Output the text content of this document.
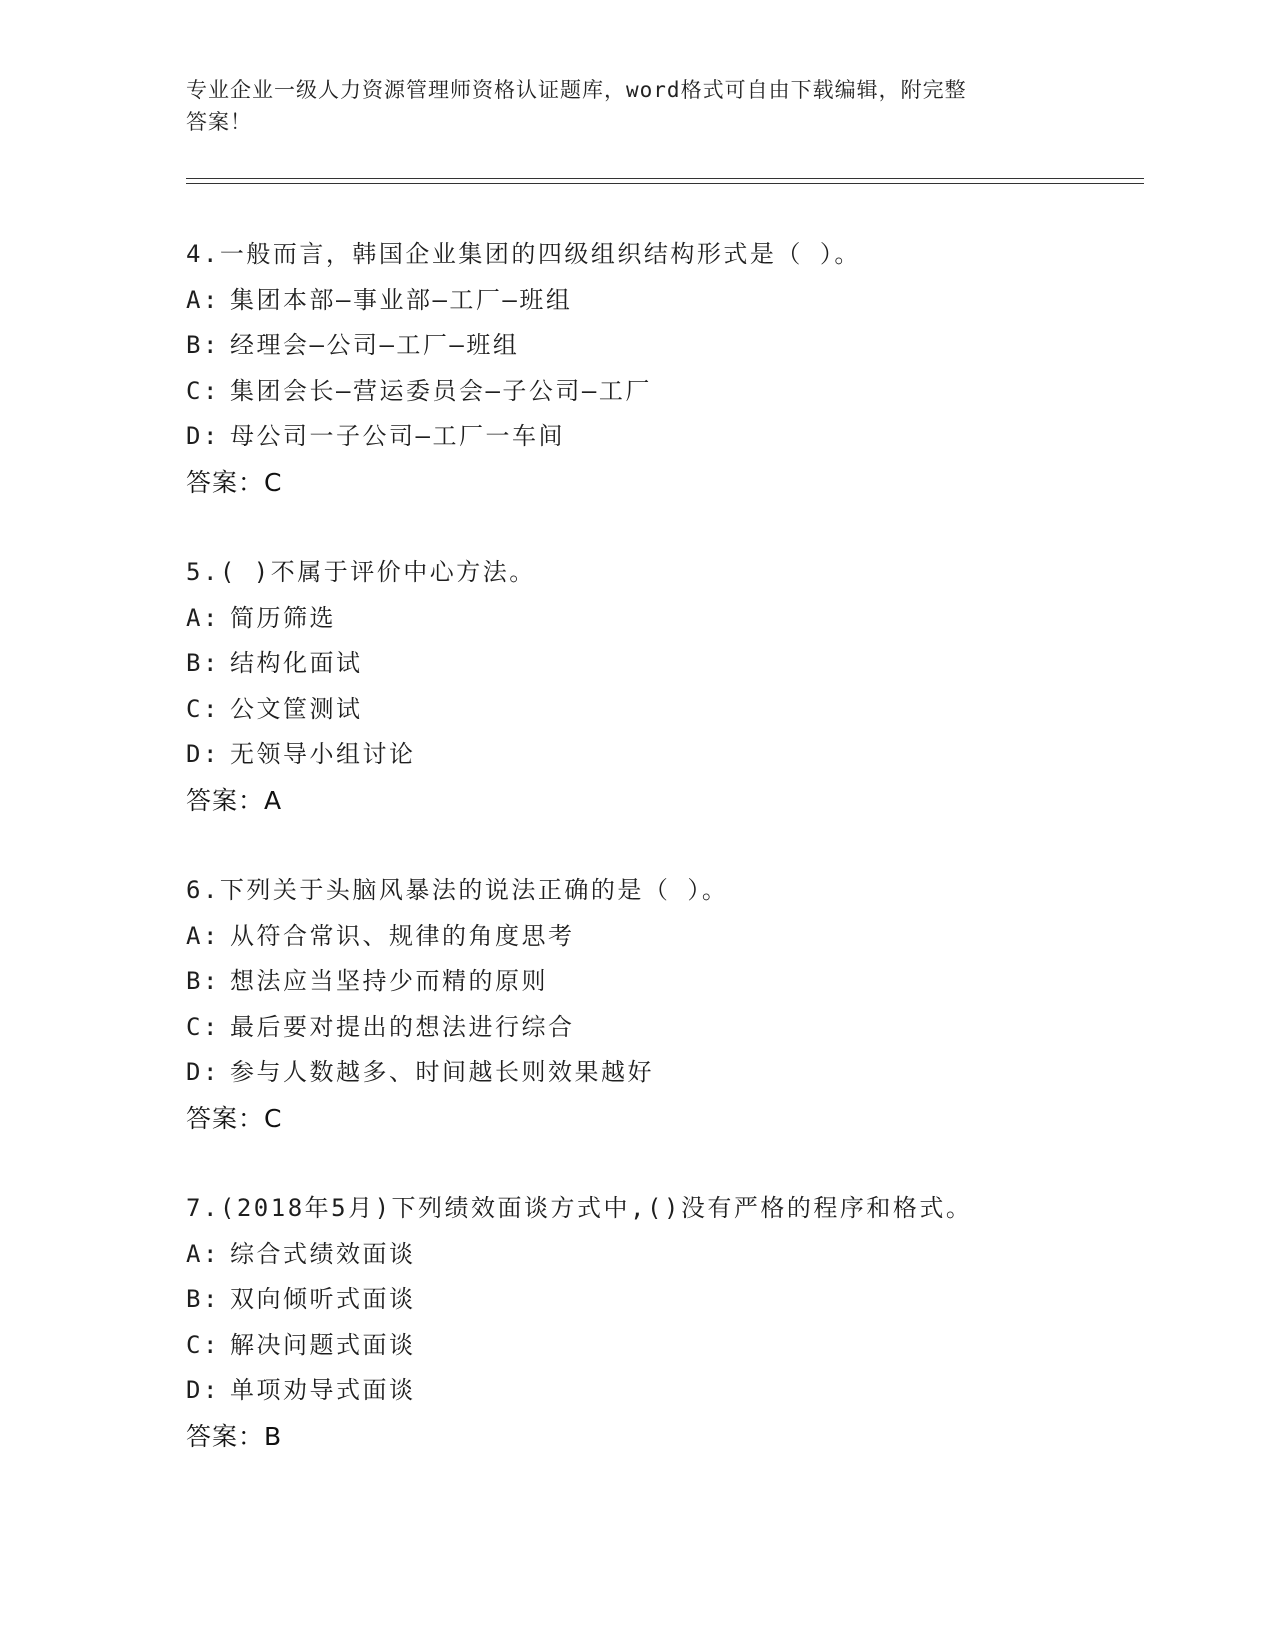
专业企业一级人力资源管理师资格认证题库，word格式可自由下载编辑，附完整
答案！
4.一般而言，韩国企业集团的四级组织结构形式是（ ）。
A: 集团本部—事业部—工厂—班组
B: 经理会—公司—工厂—班组
C: 集团会长—营运委员会—子公司—工厂
D: 母公司一子公司—工厂一车间
答案：C
5.( )不属于评价中心方法。
A: 简历筛选
B: 结构化面试
C: 公文筐测试
D: 无领导小组讨论
答案：A
6.下列关于头脑风暴法的说法正确的是（ ）。
A: 从符合常识、规律的角度思考
B: 想法应当坚持少而精的原则
C: 最后要对提出的想法进行综合
D: 参与人数越多、时间越长则效果越好
答案：C
7.(2018年5月)下列绩效面谈方式中,()没有严格的程序和格式。
A: 综合式绩效面谈
B: 双向倾听式面谈
C: 解决问题式面谈
D: 单项劝导式面谈
答案：B
